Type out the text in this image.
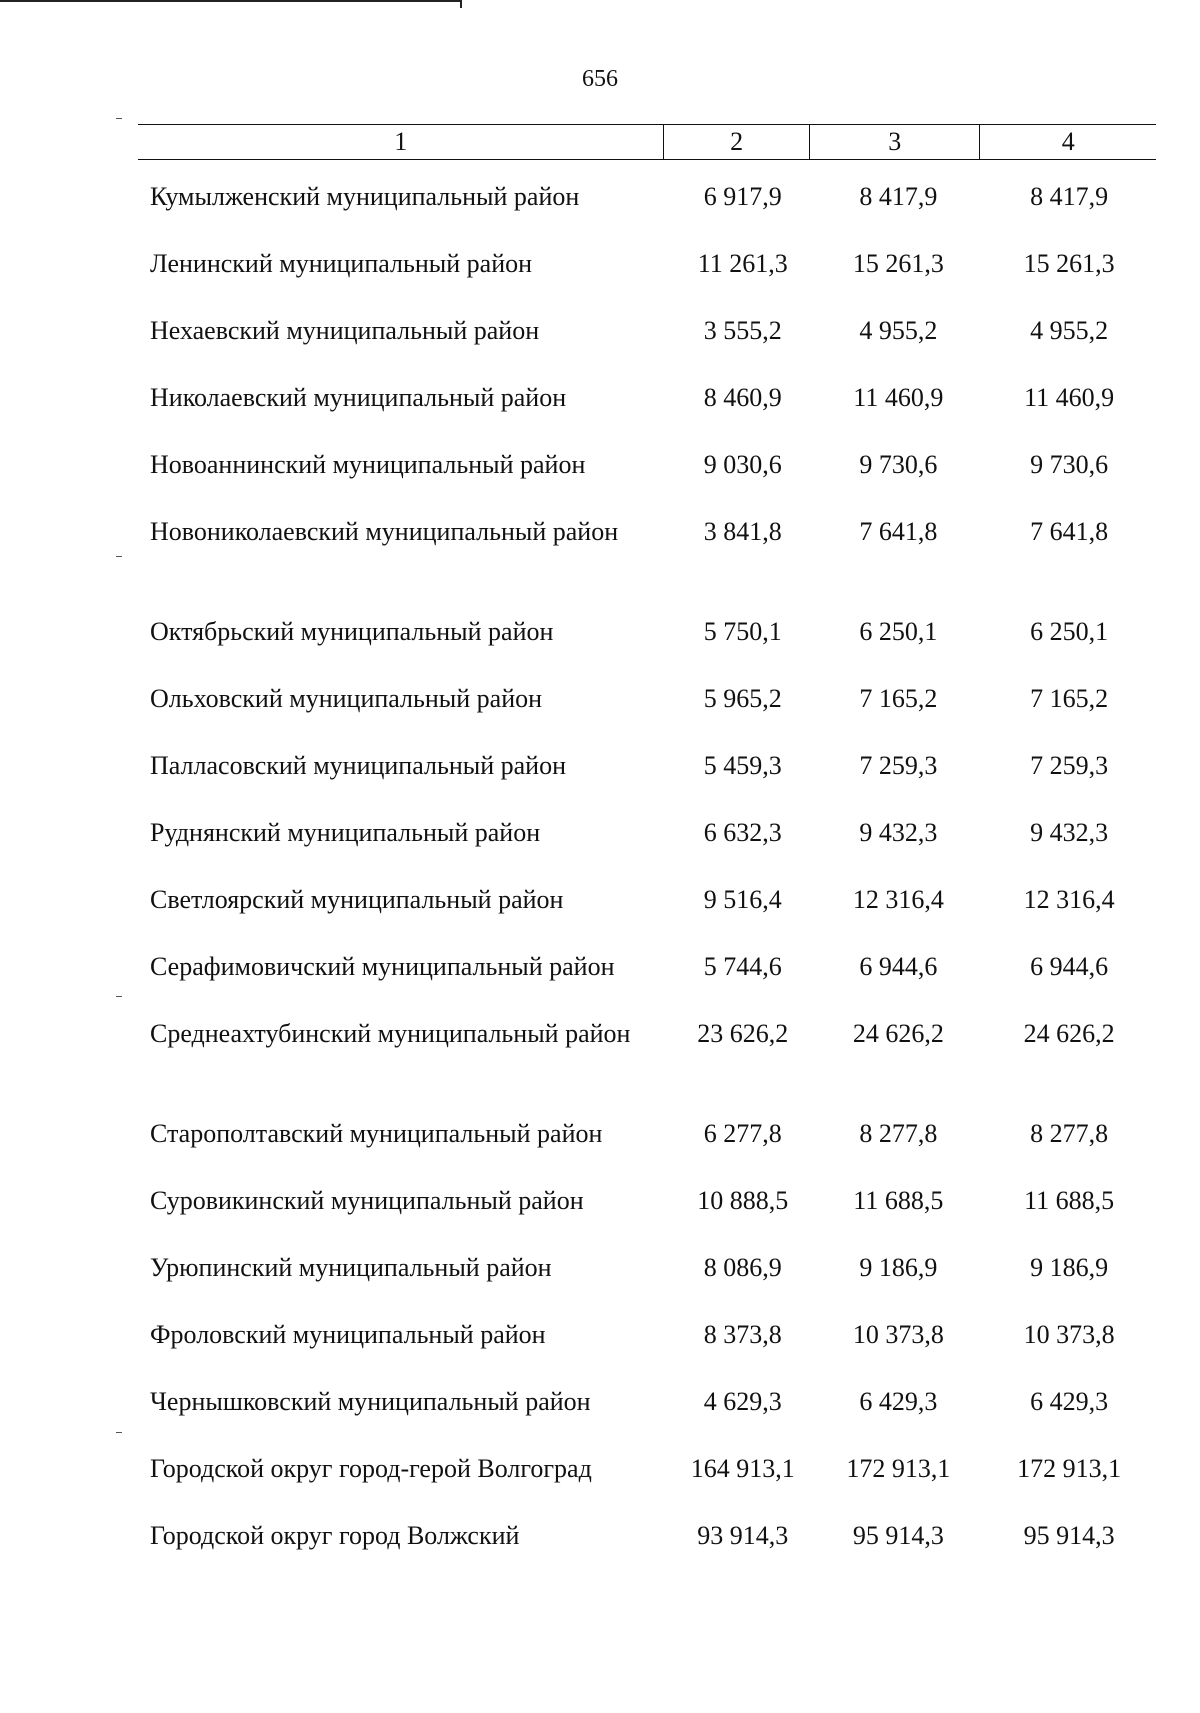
656
1	2	3	4
Кумылженский муниципальный район	6 917,9	8 417,9	8 417,9
Ленинский муниципальный район	11 261,3	15 261,3	15 261,3
Нехаевский муниципальный район	3 555,2	4 955,2	4 955,2
Николаевский муниципальный район	8 460,9	11 460,9	11 460,9
Новоаннинский муниципальный район	9 030,6	9 730,6	9 730,6
Новониколаевский муниципальный район	3 841,8	7 641,8	7 641,8
Октябрьский муниципальный район	5 750,1	6 250,1	6 250,1
Ольховский муниципальный район	5 965,2	7 165,2	7 165,2
Палласовский муниципальный район	5 459,3	7 259,3	7 259,3
Руднянский муниципальный район	6 632,3	9 432,3	9 432,3
Светлоярский муниципальный район	9 516,4	12 316,4	12 316,4
Серафимовичский муниципальный район	5 744,6	6 944,6	6 944,6
Среднеахтубинский муниципальный район	23 626,2	24 626,2	24 626,2
Старополтавский муниципальный район	6 277,8	8 277,8	8 277,8
Суровикинский муниципальный район	10 888,5	11 688,5	11 688,5
Урюпинский муниципальный район	8 086,9	9 186,9	9 186,9
Фроловский муниципальный район	8 373,8	10 373,8	10 373,8
Чернышковский муниципальный район	4 629,3	6 429,3	6 429,3
Городской округ город-герой Волгоград	164 913,1	172 913,1	172 913,1
Городской округ город Волжский	93 914,3	95 914,3	95 914,3
